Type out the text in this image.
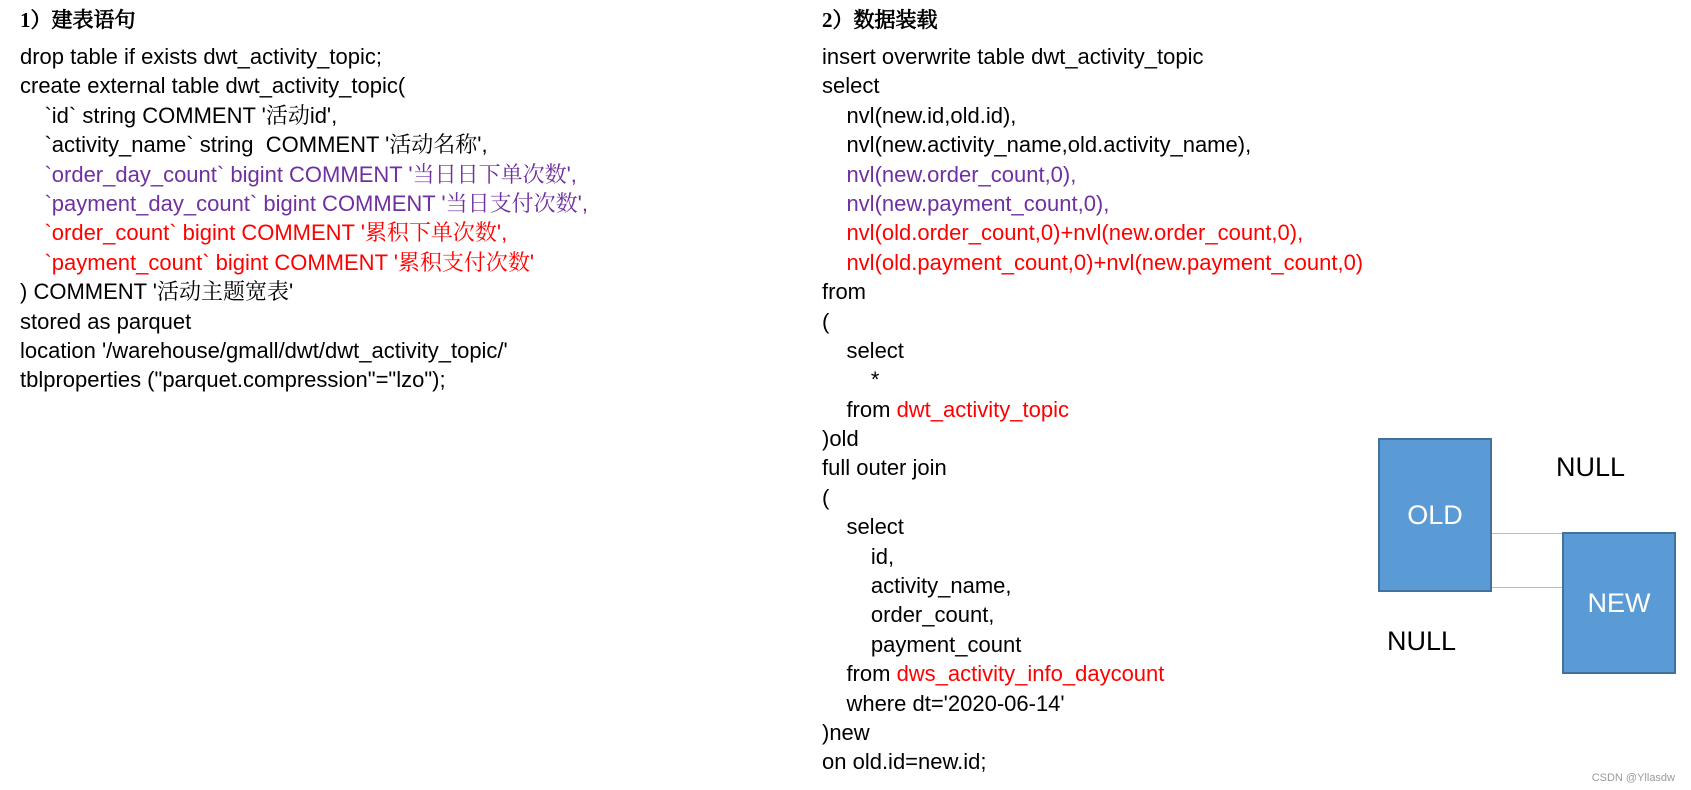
1）建表语句
drop table if exists dwt_activity_topic;
create external table dwt_activity_topic(
`id` string COMMENT '活动id',
`activity_name` string  COMMENT '活动名称',
`order_day_count` bigint COMMENT '当日日下单次数',
`payment_day_count` bigint COMMENT '当日支付次数',
`order_count` bigint COMMENT '累积下单次数',
`payment_count` bigint COMMENT '累积支付次数'
) COMMENT '活动主题宽表'
stored as parquet
location '/warehouse/gmall/dwt/dwt_activity_topic/'
tblproperties ("parquet.compression"="lzo");
2）数据装载
insert overwrite table dwt_activity_topic
select
nvl(new.id,old.id),
nvl(new.activity_name,old.activity_name),
nvl(new.order_count,0),
nvl(new.payment_count,0),
nvl(old.order_count,0)+nvl(new.order_count,0),
nvl(old.payment_count,0)+nvl(new.payment_count,0)
from
(
select
*
from dwt_activity_topic
)old
full outer join
(
select
id,
activity_name,
order_count,
payment_count
from dws_activity_info_daycount
where dt='2020-06-14'
)new
on old.id=new.id;
OLD
NEW
NULL
NULL
CSDN @Yllasdw
